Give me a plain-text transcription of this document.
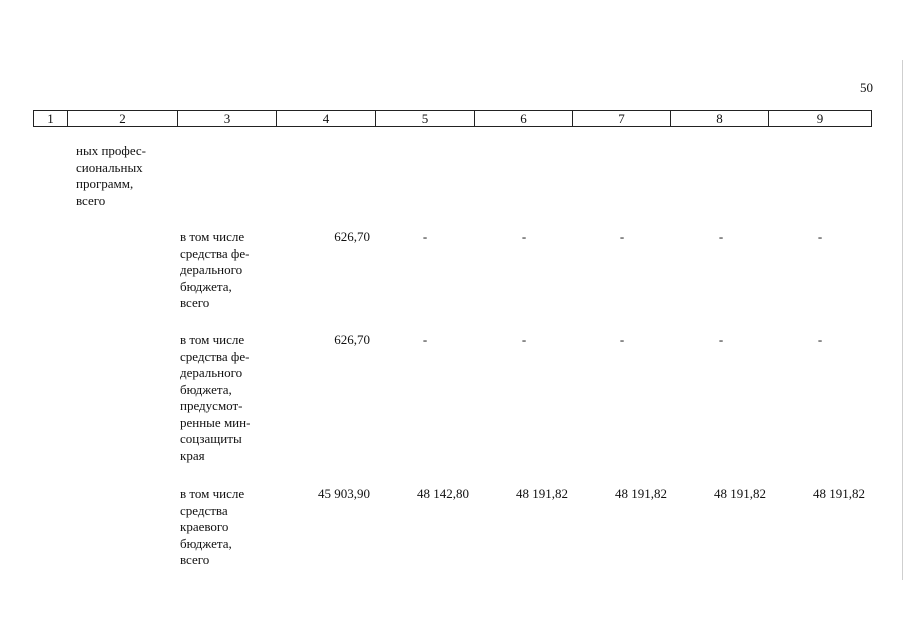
50
1	2	3	4	5	6	7	8	9
ных профес-
сиональных
программ,
всего
в том числе
средства фе-
дерального
бюджета,
всего
626,70	-	-	-	-	-
в том числе
средства фе-
дерального
бюджета,
предусмот-
ренные мин-
соцзащиты
края
626,70	-	-	-	-	-
в том числе
средства
краевого
бюджета,
всего
45 903,90	48 142,80	48 191,82	48 191,82	48 191,82	48 191,82
